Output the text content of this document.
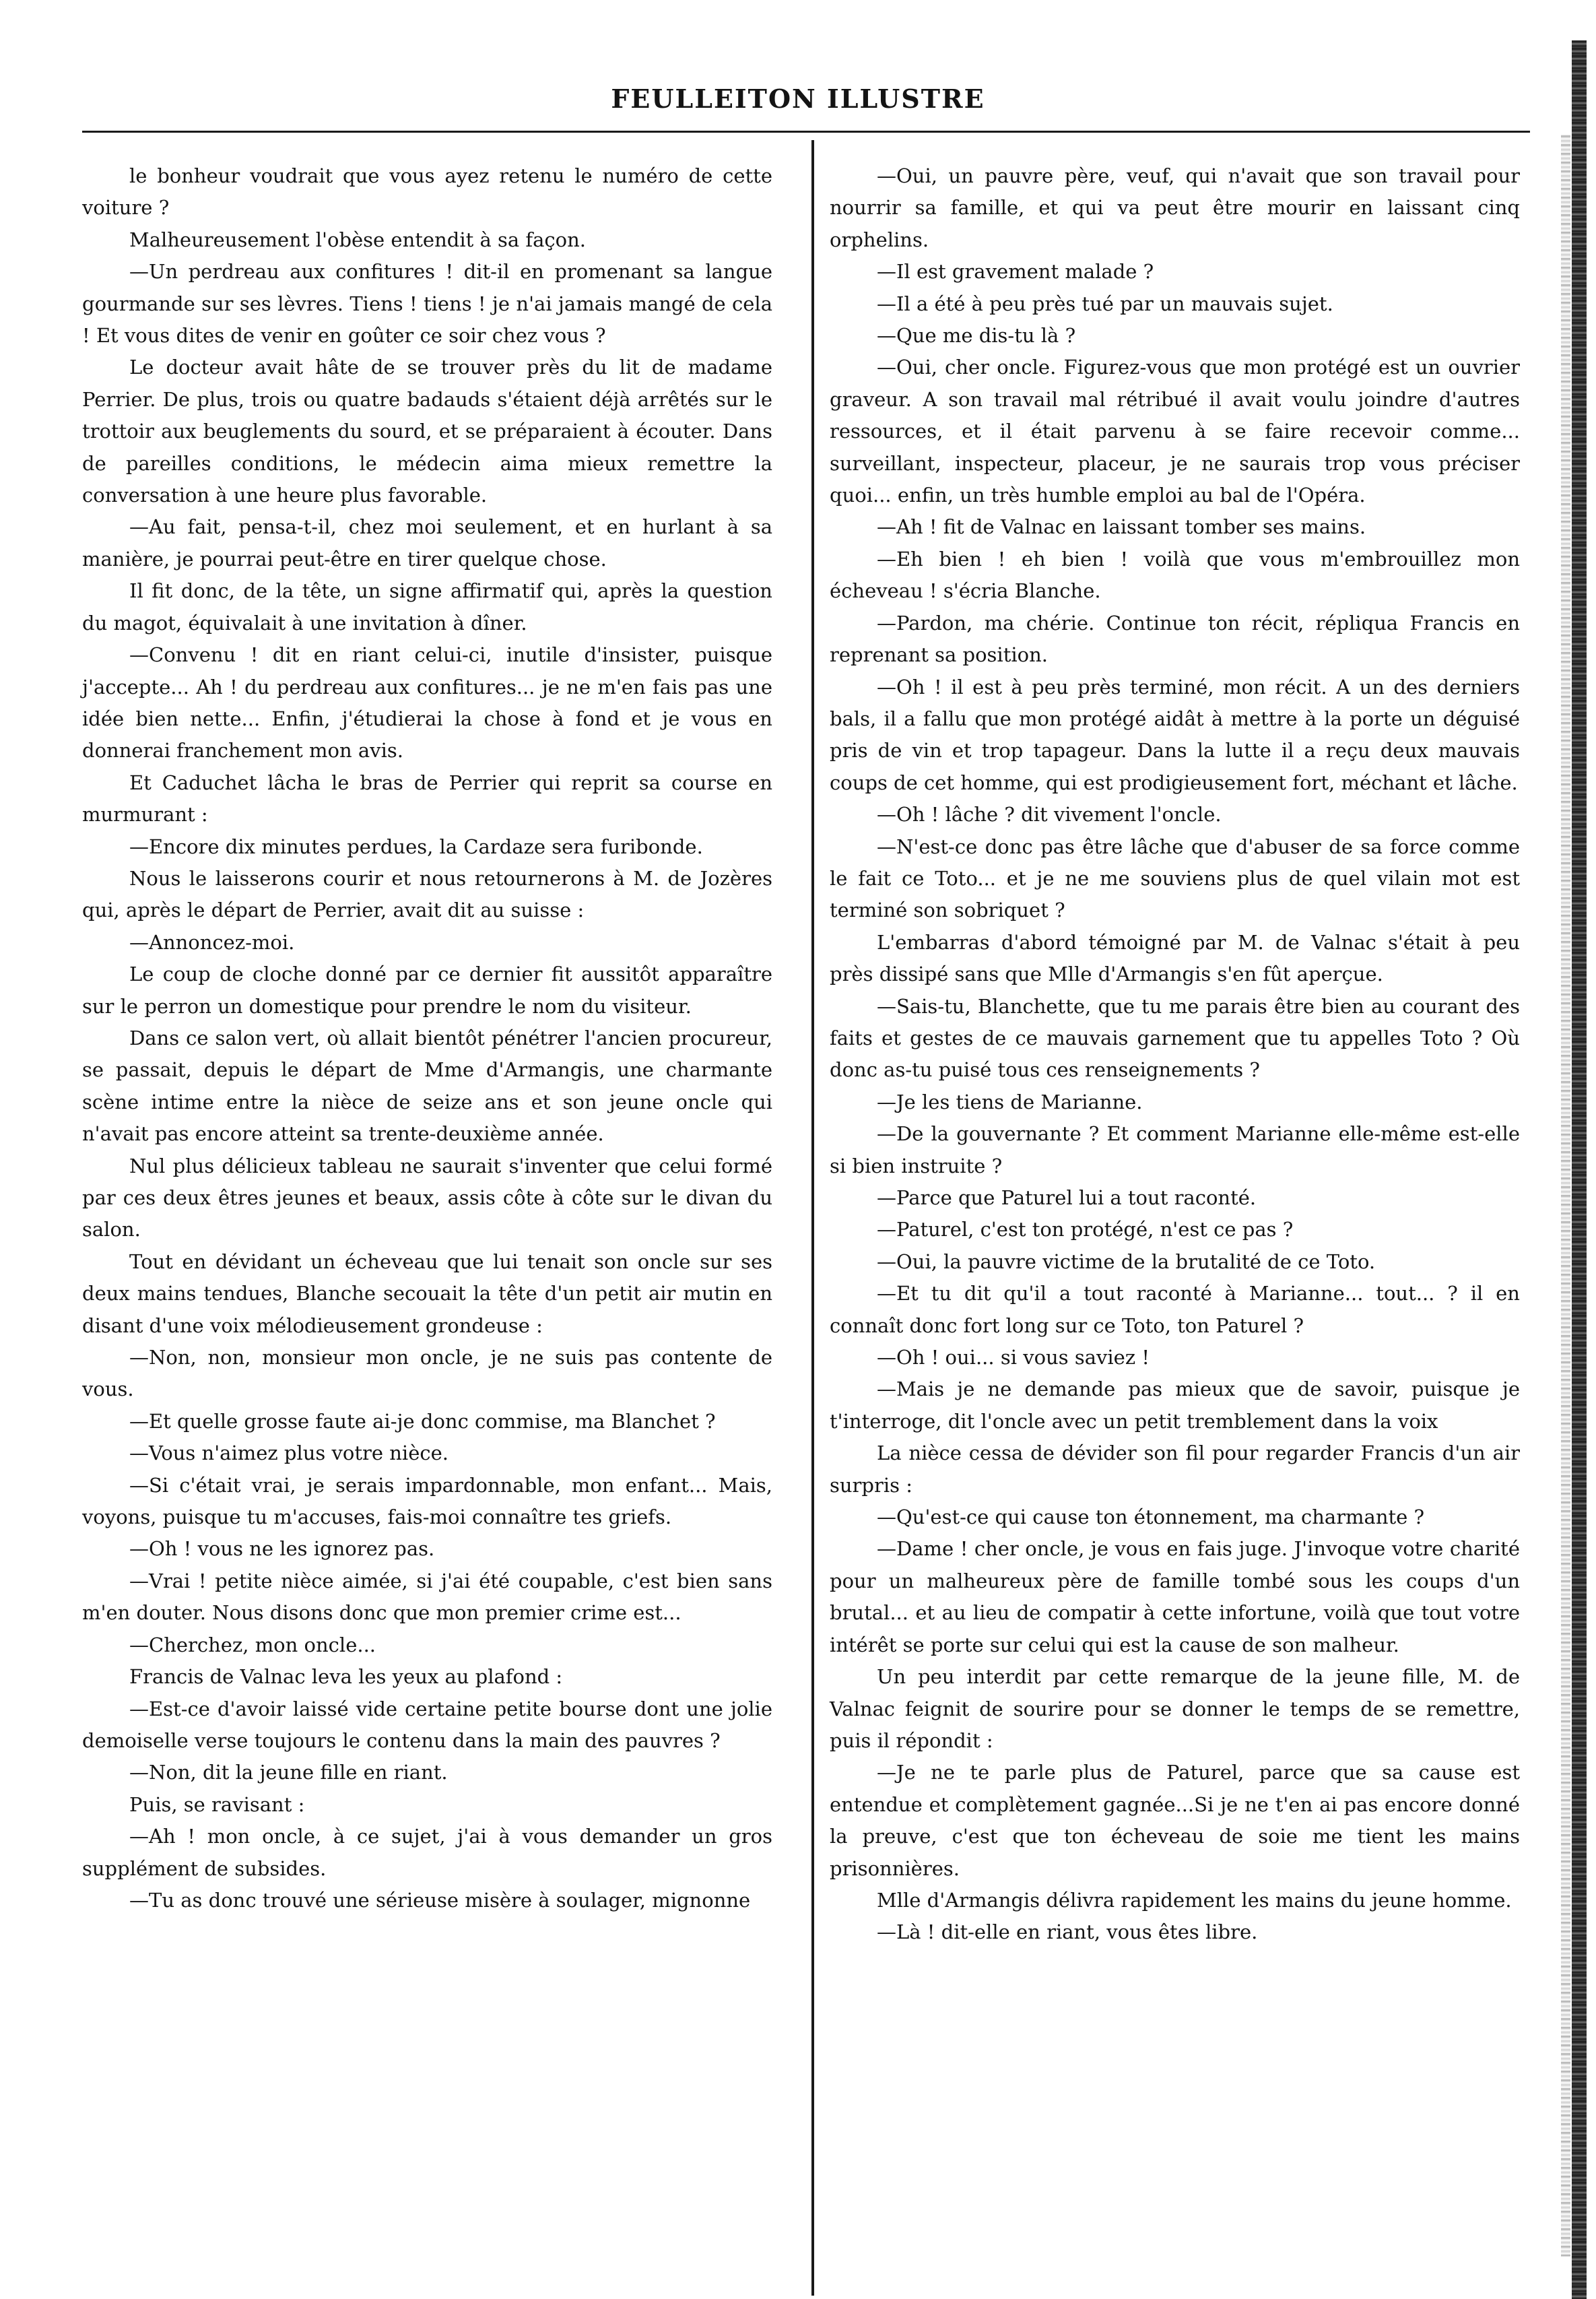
FEULLEITON ILLUSTRE

le bonheur voudrait que vous ayez retenu le numéro de cette voiture ?

Malheureusement l'obèse entendit à sa façon.

—Un perdreau aux confitures ! dit-il en promenant sa langue gourmande sur ses lèvres. Tiens ! tiens ! je n'ai jamais mangé de cela ! Et vous dites de venir en goûter ce soir chez vous ?

Le docteur avait hâte de se trouver près du lit de madame Perrier. De plus, trois ou quatre badauds s'étaient déjà arrêtés sur le trottoir aux beuglements du sourd, et se préparaient à écouter. Dans de pareilles conditions, le médecin aima mieux remettre la conversation à une heure plus favorable.

—Au fait, pensa-t-il, chez moi seulement, et en hurlant à sa manière, je pourrai peut-être en tirer quelque chose.

Il fit donc, de la tête, un signe affirmatif qui, après la question du magot, équivalait à une invitation à dîner.

—Convenu ! dit en riant celui-ci, inutile d'insister, puisque j'accepte... Ah ! du perdreau aux confitures... je ne m'en fais pas une idée bien nette... Enfin, j'étudierai la chose à fond et je vous en donnerai franchement mon avis.

Et Caduchet lâcha le bras de Perrier qui reprit sa course en murmurant :

—Encore dix minutes perdues, la Cardaze sera furibonde.

Nous le laisserons courir et nous retournerons à M. de Jozères qui, après le départ de Perrier, avait dit au suisse :

—Annoncez-moi.

Le coup de cloche donné par ce dernier fit aussitôt apparaître sur le perron un domestique pour prendre le nom du visiteur.

Dans ce salon vert, où allait bientôt pénétrer l'ancien procureur, se passait, depuis le départ de Mme d'Armangis, une charmante scène intime entre la nièce de seize ans et son jeune oncle qui n'avait pas encore atteint sa trente-deuxième année.

Nul plus délicieux tableau ne saurait s'inventer que celui formé par ces deux êtres jeunes et beaux, assis côte à côte sur le divan du salon.

Tout en dévidant un écheveau que lui tenait son oncle sur ses deux mains tendues, Blanche secouait la tête d'un petit air mutin en disant d'une voix mélodieusement grondeuse :

—Non, non, monsieur mon oncle, je ne suis pas contente de vous.

—Et quelle grosse faute ai-je donc commise, ma Blanchet ?

—Vous n'aimez plus votre nièce.

—Si c'était vrai, je serais impardonnable, mon enfant... Mais, voyons, puisque tu m'accuses, fais-moi connaître tes griefs.

—Oh ! vous ne les ignorez pas.

—Vrai ! petite nièce aimée, si j'ai été coupable, c'est bien sans m'en douter. Nous disons donc que mon premier crime est...

—Cherchez, mon oncle...

Francis de Valnac leva les yeux au plafond :

—Est-ce d'avoir laissé vide certaine petite bourse dont une jolie demoiselle verse toujours le contenu dans la main des pauvres ?

—Non, dit la jeune fille en riant.

Puis, se ravisant :

—Ah ! mon oncle, à ce sujet, j'ai à vous demander un gros supplément de subsides.

—Tu as donc trouvé une sérieuse misère à soulager, mignonne

—Oui, un pauvre père, veuf, qui n'avait que son travail pour nourrir sa famille, et qui va peut être mourir en laissant cinq orphelins.

—Il est gravement malade ?

—Il a été à peu près tué par un mauvais sujet.

—Que me dis-tu là ?

—Oui, cher oncle. Figurez-vous que mon protégé est un ouvrier graveur. A son travail mal rétribué il avait voulu joindre d'autres ressources, et il était parvenu à se faire recevoir comme... surveillant, inspecteur, placeur, je ne saurais trop vous préciser quoi... enfin, un très humble emploi au bal de l'Opéra.

—Ah ! fit de Valnac en laissant tomber ses mains.

—Eh bien ! eh bien ! voilà que vous m'embrouillez mon écheveau ! s'écria Blanche.

—Pardon, ma chérie. Continue ton récit, répliqua Francis en reprenant sa position.

—Oh ! il est à peu près terminé, mon récit. A un des derniers bals, il a fallu que mon protégé aidât à mettre à la porte un déguisé pris de vin et trop tapageur. Dans la lutte il a reçu deux mauvais coups de cet homme, qui est prodigieusement fort, méchant et lâche.

—Oh ! lâche ? dit vivement l'oncle.

—N'est-ce donc pas être lâche que d'abuser de sa force comme le fait ce Toto... et je ne me souviens plus de quel vilain mot est terminé son sobriquet ?

L'embarras d'abord témoigné par M. de Valnac s'était à peu près dissipé sans que Mlle d'Armangis s'en fût aperçue.

—Sais-tu, Blanchette, que tu me parais être bien au courant des faits et gestes de ce mauvais garnement que tu appelles Toto ? Où donc as-tu puisé tous ces renseignements ?

—Je les tiens de Marianne.

—De la gouvernante ? Et comment Marianne elle-même est-elle si bien instruite ?

—Parce que Paturel lui a tout raconté.

—Paturel, c'est ton protégé, n'est ce pas ?

—Oui, la pauvre victime de la brutalité de ce Toto.

—Et tu dit qu'il a tout raconté à Marianne... tout... ? il en connaît donc fort long sur ce Toto, ton Paturel ?

—Oh ! oui... si vous saviez !

—Mais je ne demande pas mieux que de savoir, puisque je t'interroge, dit l'oncle avec un petit tremblement dans la voix

La nièce cessa de dévider son fil pour regarder Francis d'un air surpris :

—Qu'est-ce qui cause ton étonnement, ma charmante ?

—Dame ! cher oncle, je vous en fais juge. J'invoque votre charité pour un malheureux père de famille tombé sous les coups d'un brutal... et au lieu de compatir à cette infortune, voilà que tout votre intérêt se porte sur celui qui est la cause de son malheur.

Un peu interdit par cette remarque de la jeune fille, M. de Valnac feignit de sourire pour se donner le temps de se remettre, puis il répondit :

—Je ne te parle plus de Paturel, parce que sa cause est entendue et complètement gagnée...Si je ne t'en ai pas encore donné la preuve, c'est que ton écheveau de soie me tient les mains prisonnières.

Mlle d'Armangis délivra rapidement les mains du jeune homme.

—Là ! dit-elle en riant, vous êtes libre.
